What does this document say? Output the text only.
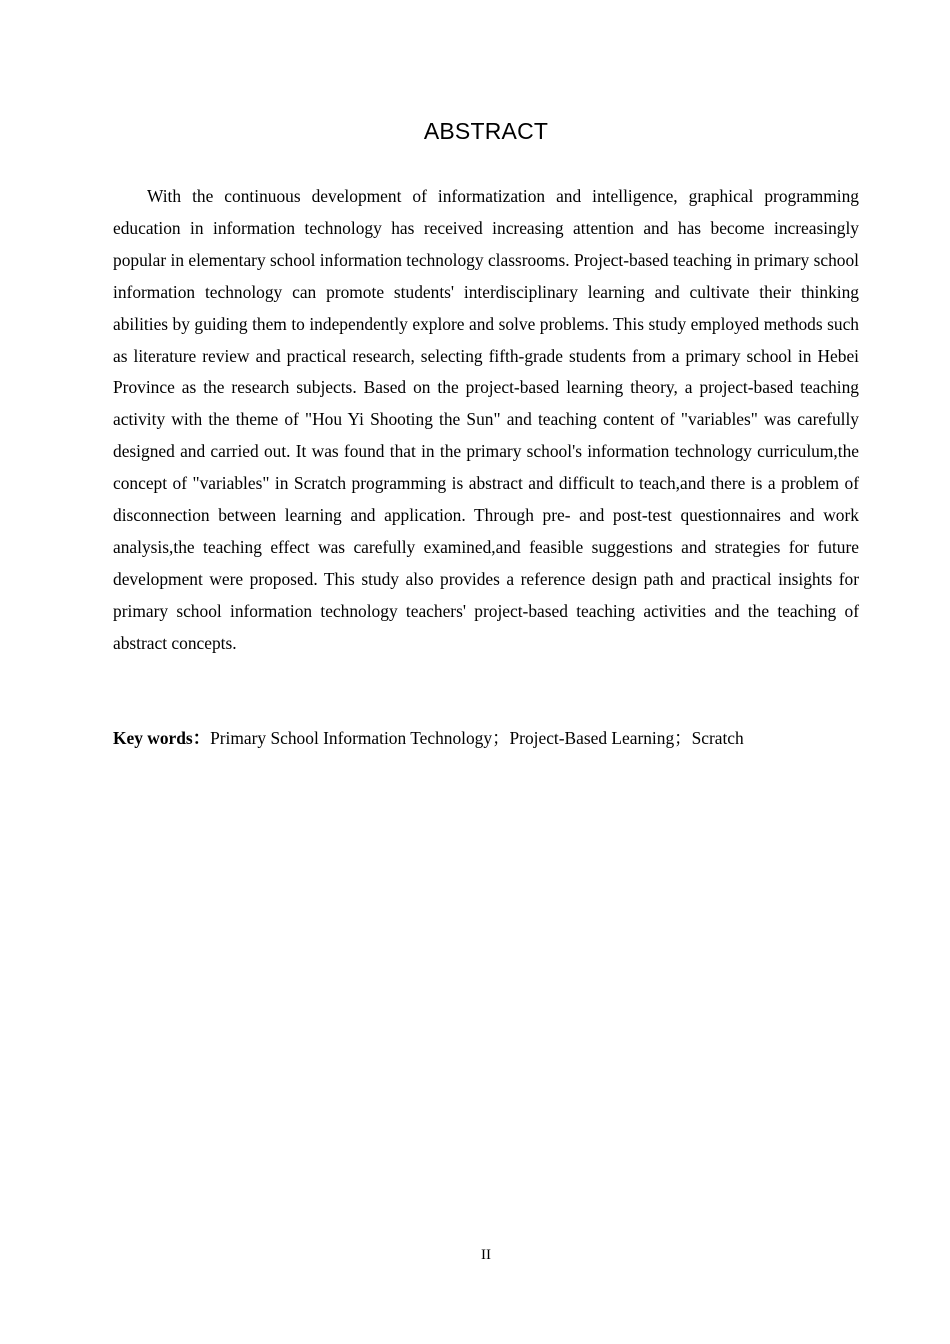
ABSTRACT

With the continuous development of informatization and intelligence, graphical programming education in information technology has received increasing attention and has become increasingly popular in elementary school information technology classrooms. Project-based teaching in primary school information technology can promote students' interdisciplinary learning and cultivate their thinking abilities by guiding them to independently explore and solve problems. This study employed methods such as literature review and practical research, selecting fifth-grade students from a primary school in Hebei Province as the research subjects. Based on the project-based learning theory, a project-based teaching activity with the theme of "Hou Yi Shooting the Sun" and teaching content of "variables" was carefully designed and carried out. It was found that in the primary school's information technology curriculum,the concept of "variables" in Scratch programming is abstract and difficult to teach,and there is a problem of disconnection between learning and application. Through pre- and post-test questionnaires and work analysis,the teaching effect was carefully examined,and feasible suggestions and strategies for future development were proposed. This study also provides a reference design path and practical insights for primary school information technology teachers' project-based teaching activities and the teaching of abstract concepts.

Key words：Primary School Information Technology；Project-Based Learning；Scratch

II
